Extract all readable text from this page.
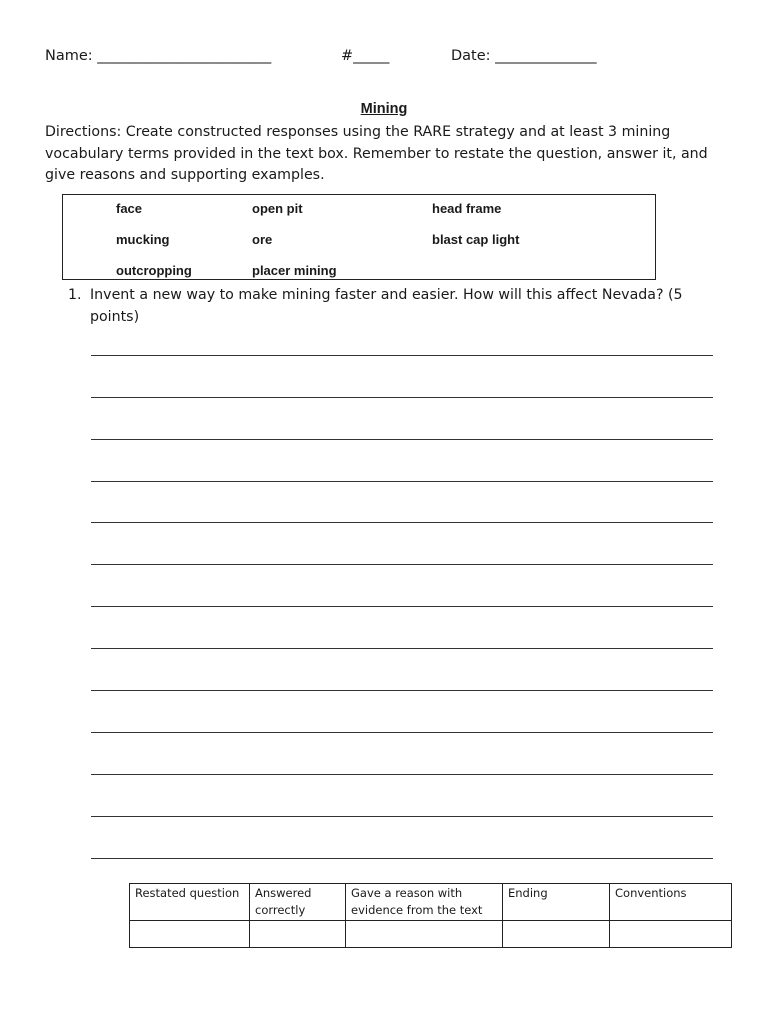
Name: ________________________	#_____	Date: ______________
Mining
Directions: Create constructed responses using the RARE strategy and at least 3 mining vocabulary terms provided in the text box. Remember to restate the question, answer it, and give reasons and supporting examples.
face	open pit	head frame
mucking	ore	blast cap light
outcropping	placer mining
1. Invent a new way to make mining faster and easier. How will this affect Nevada? (5 points)
Restated question	Answered correctly	Gave a reason with evidence from the text	Ending	Conventions
